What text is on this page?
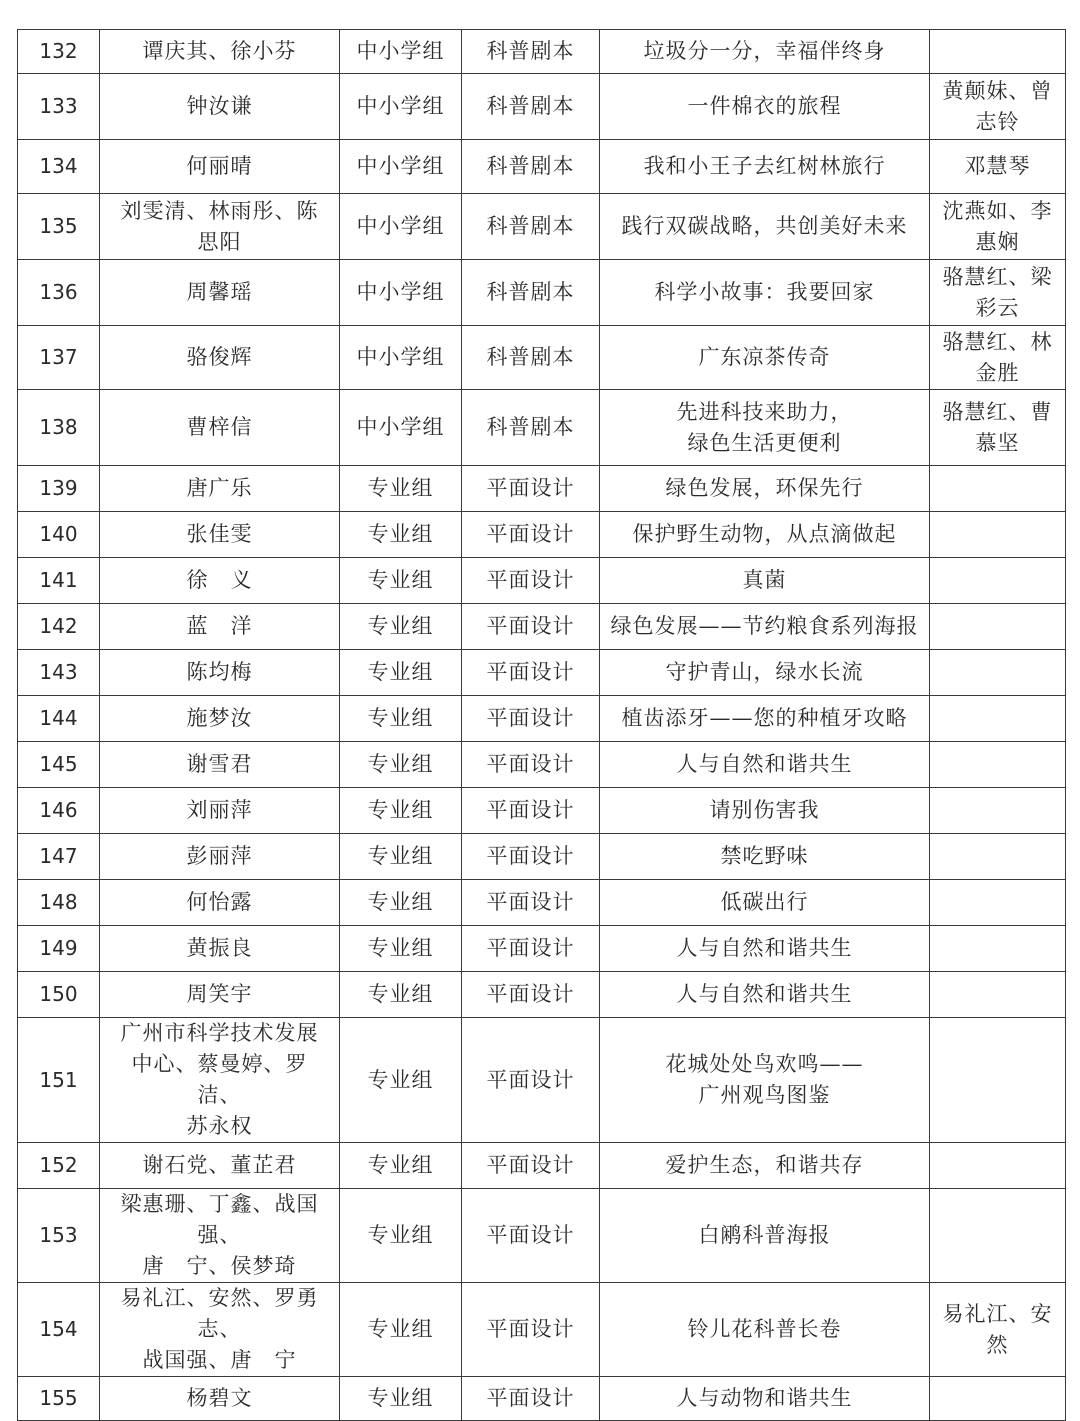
132	谭庆其、徐小芬	中小学组	科普剧本	垃圾分一分，幸福伴终身	

133	钟汝谦	中小学组	科普剧本	一件棉衣的旅程	黄颠妹、曾
志铃

134	何丽晴	中小学组	科普剧本	我和小王子去红树林旅行	邓慧琴

135	刘雯清、林雨彤、陈思阳	中小学组	科普剧本	践行双碳战略，共创美好未来	沈燕如、李
惠娴

136	周馨瑶	中小学组	科普剧本	科学小故事：我要回家	骆慧红、梁
彩云

137	骆俊辉	中小学组	科普剧本	广东凉茶传奇	骆慧红、林
金胜

138	曹梓信	中小学组	科普剧本	先进科技来助力，
绿色生活更便利	骆慧红、曹
慕坚

139	唐广乐	专业组	平面设计	绿色发展，环保先行	

140	张佳雯	专业组	平面设计	保护野生动物，从点滴做起	

141	徐　义	专业组	平面设计	真菌	

142	蓝　洋	专业组	平面设计	绿色发展——节约粮食系列海报	

143	陈均梅	专业组	平面设计	守护青山，绿水长流	

144	施梦汝	专业组	平面设计	植齿添牙——您的种植牙攻略	

145	谢雪君	专业组	平面设计	人与自然和谐共生	

146	刘丽萍	专业组	平面设计	请别伤害我	

147	彭丽萍	专业组	平面设计	禁吃野味	

148	何怡露	专业组	平面设计	低碳出行	

149	黄振良	专业组	平面设计	人与自然和谐共生	

150	周笑宇	专业组	平面设计	人与自然和谐共生	

151	广州市科学技术发展
中心、蔡曼婷、罗　洁、
苏永权	专业组	平面设计	花城处处鸟欢鸣——
广州观鸟图鉴	

152	谢石党、董芷君	专业组	平面设计	爱护生态，和谐共存	

153	梁惠珊、丁鑫、战国强、
唐　宁、侯梦琦	专业组	平面设计	白鹇科普海报	

154	易礼江、安然、罗勇志、
战国强、唐　宁	专业组	平面设计	铃儿花科普长卷	易礼江、安 然

155	杨碧文	专业组	平面设计	人与动物和谐共生	
